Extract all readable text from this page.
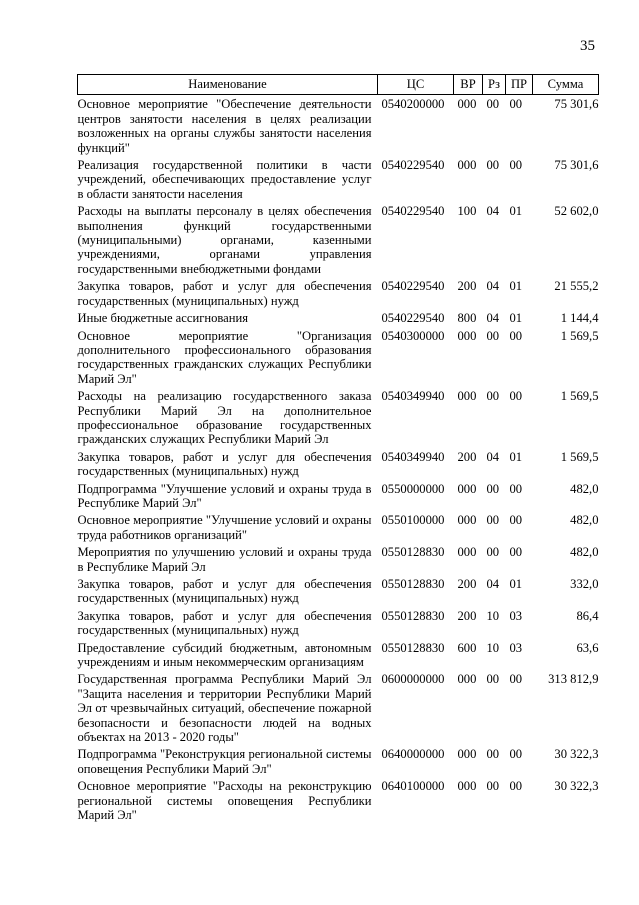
35
Наименование	ЦС	ВР	Рз	ПР	Сумма
Основное мероприятие "Обеспечение деятельности центров занятости населения в целях реализации возложенных на органы службы занятости населения функций"	0540200000	000	00	00	75 301,6
Реализация государственной политики в части учреждений, обеспечивающих предоставление услуг в области занятости населения	0540229540	000	00	00	75 301,6
Расходы на выплаты персоналу в целях обеспечения выполнения функций государственными (муниципальными) органами, казенными учреждениями, органами управления государственными внебюджетными фондами	0540229540	100	04	01	52 602,0
Закупка товаров, работ и услуг для обеспечения государственных (муниципальных) нужд	0540229540	200	04	01	21 555,2
Иные бюджетные ассигнования	0540229540	800	04	01	1 144,4
Основное мероприятие "Организация дополнительного профессионального образования государственных гражданских служащих Республики Марий Эл"	0540300000	000	00	00	1 569,5
Расходы на реализацию государственного заказа Республики Марий Эл на дополнительное профессиональное образование государственных гражданских служащих Республики Марий Эл	0540349940	000	00	00	1 569,5
Закупка товаров, работ и услуг для обеспечения государственных (муниципальных) нужд	0540349940	200	04	01	1 569,5
Подпрограмма "Улучшение условий и охраны труда в Республике Марий Эл"	0550000000	000	00	00	482,0
Основное мероприятие "Улучшение условий и охраны труда работников организаций"	0550100000	000	00	00	482,0
Мероприятия по улучшению условий и охраны труда в Республике Марий Эл	0550128830	000	00	00	482,0
Закупка товаров, работ и услуг для обеспечения государственных (муниципальных) нужд	0550128830	200	04	01	332,0
Закупка товаров, работ и услуг для обеспечения государственных (муниципальных) нужд	0550128830	200	10	03	86,4
Предоставление субсидий бюджетным, автономным учреждениям и иным некоммерческим организациям	0550128830	600	10	03	63,6
Государственная программа Республики Марий Эл "Защита населения и территории Республики Марий Эл от чрезвычайных ситуаций, обеспечение пожарной безопасности и безопасности людей на водных объектах на 2013 - 2020 годы"	0600000000	000	00	00	313 812,9
Подпрограмма "Реконструкция региональной системы оповещения Республики Марий Эл"	0640000000	000	00	00	30 322,3
Основное мероприятие "Расходы на реконструкцию региональной системы оповещения Республики Марий Эл"	0640100000	000	00	00	30 322,3
